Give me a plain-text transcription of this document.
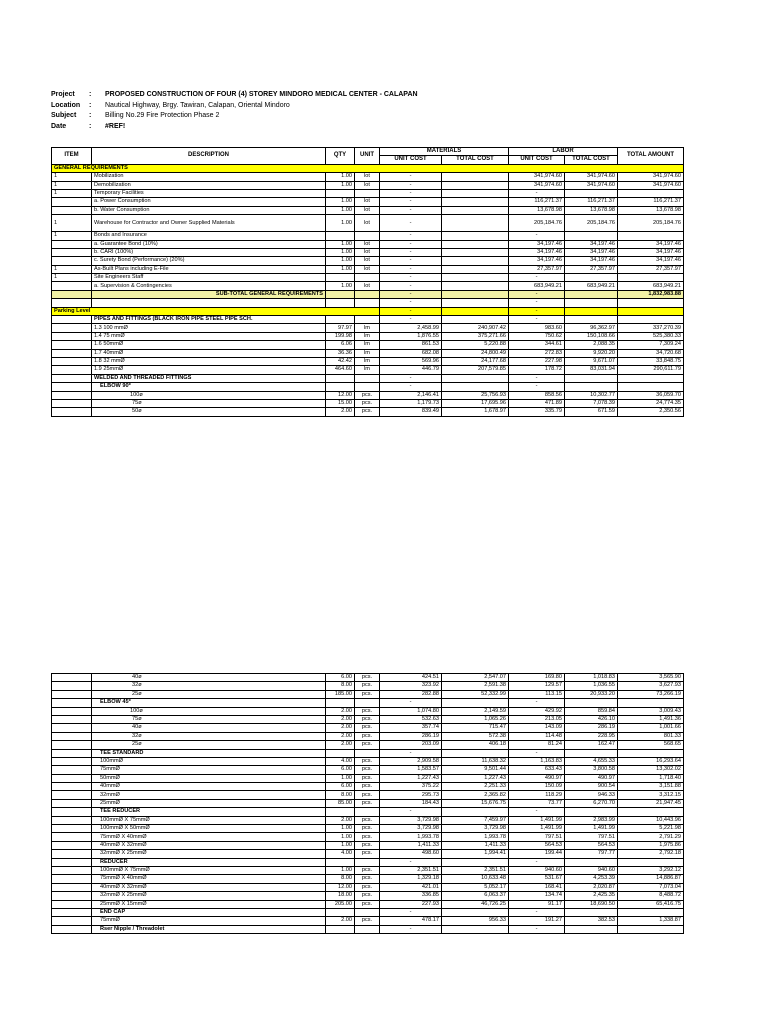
Project	:	PROPOSED CONSTRUCTION OF FOUR (4) STOREY MINDORO MEDICAL CENTER - CALAPAN
Location	:	Nautical Highway, Brgy. Tawiran, Calapan, Oriental Mindoro
Subject	:	Billing No.29 Fire Protection Phase 2
Date	:	#REF!
ITEM	DESCRIPTION	QTY	UNIT	MATERIALS		LABOR		TOTAL AMOUNT
				UNIT COST	TOTAL COST	UNIT COST	TOTAL COST	
GENERAL REQUIREMENTS								
1	Mobilization	1.00	lot	-		341,974.60	341,974.60	341,974.60
1	Demobilization	1.00	lot	-		341,974.60	341,974.60	341,974.60
1	Temporary Facilities			-		-		
	a. Power Consumption	1.00	lot	-		116,271.37	116,271.37	116,271.37
	b. Water Consumption	1.00	lot	-		13,678.98	13,678.98	13,678.98
1	Warehouse for Contractor and Owner Supplied Materials	1.00	lot	-		205,184.76	205,184.76	205,184.76
1	Bonds and Insurance			-		-		
	a. Guarantee Bond (10%)	1.00	lot	-		34,197.46	34,197.46	34,197.46
	b. CARI (100%)	1.00	lot	-		34,197.46	34,197.46	34,197.46
	c. Surety Bond (Performance) (20%)	1.00	lot	-		34,197.46	34,197.46	34,197.46
1	As-Built Plans including E-File	1.00	lot	-		27,357.97	27,357.97	27,357.97
1	Site Engineers Staff			-		-		
	a. Supervision & Contingencies	1.00	lot	-		683,949.21	683,949.21	683,949.21
	SUB-TOTAL GENERAL REQUIREMENTS			-		-		1,832,983.88
				-		-		
Parking Level				-		-		
	PIPES AND FITTINGS (BLACK IRON PIPE STEEL PIPE SCH.			-		-		
	1.3 100 mmØ	97.97	lm	2,458.99	240,907.42	983.60	96,362.97	337,270.39
	1.4 75 mmØ	199.98	lm	1,876.55	375,271.66	750.62	150,108.66	525,380.33
	1.6 50mmØ	6.06	lm	861.53	5,220.88	344.61	2,088.35	7,309.24
	1.7 40mmØ	36.36	lm	682.08	24,800.49	272.83	9,920.20	34,720.68
	1.8 32 mmØ	42.42	lm	569.96	24,177.68	227.98	9,671.07	33,848.75
	1.9 25mmØ	464.60	lm	446.79	207,579.85	178.72	83,031.94	290,611.79
	WELDED AND THREADED FITTINGS			-		-		
	ELBOW 90º			-		-		
	100ø	12.00	pcs.	2,146.41	25,756.93	858.56	10,302.77	36,059.70
	75ø	15.00	pcs.	1,179.73	17,695.96	471.89	7,078.39	24,774.35
	50ø	2.00	pcs.	839.49	1,678.97	335.79	671.59	2,350.56
	40ø	6.00	pcs.	424.51	2,547.07	169.80	1,018.83	3,565.90
	32ø	8.00	pcs.	323.92	2,591.38	129.57	1,036.55	3,627.93
	25ø	185.00	pcs.	282.88	52,332.99	113.15	20,933.20	73,266.19
	ELBOW 45º			-		-		
	100ø	2.00	pcs.	1,074.80	2,149.59	429.92	859.84	3,009.43
	75ø	2.00	pcs.	532.63	1,065.26	213.05	426.10	1,491.36
	40ø	2.00	pcs.	357.74	715.47	143.09	286.19	1,001.66
	32ø	2.00	pcs.	286.19	572.38	114.48	228.95	801.33
	25ø	2.00	pcs.	203.09	406.18	81.24	162.47	568.65
	TEE STANDARD			-		-		
	100mmØ	4.00	pcs.	2,909.58	11,638.32	1,163.83	4,655.33	16,293.64
	75mmØ	6.00	pcs.	1,583.57	9,501.44	633.43	3,800.58	13,302.02
	50mmØ	1.00	pcs.	1,227.43	1,227.43	490.97	490.97	1,718.40
	40mmØ	6.00	pcs.	375.22	2,251.33	150.09	900.54	3,151.88
	32mmØ	8.00	pcs.	295.73	2,365.82	118.29	946.33	3,312.15
	25mmØ	85.00	pcs.	184.43	15,676.75	73.77	6,270.70	21,947.45
	TEE REDUCER			-		-		
	100mmØ X 75mmØ	2.00	pcs.	3,729.98	7,459.97	1,491.99	2,983.99	10,443.96
	100mmØ X 50mmØ	1.00	pcs.	3,729.98	3,729.98	1,491.99	1,491.99	5,221.98
	75mmØ X 40mmØ	1.00	pcs.	1,993.78	1,993.78	797.51	797.51	2,791.29
	40mmØ X 32mmØ	1.00	pcs.	1,411.33	1,411.33	564.53	564.53	1,975.86
	32mmØ X 25mmØ	4.00	pcs.	498.60	1,994.41	199.44	797.77	2,792.18
	REDUCER			-		-		
	100mmØ X 75mmØ	1.00	pcs.	2,351.51	2,351.51	940.60	940.60	3,292.12
	75mmØ X 40mmØ	8.00	pcs.	1,329.18	10,633.48	531.67	4,253.39	14,886.87
	40mmØ X 32mmØ	12.00	pcs.	421.01	5,052.17	168.41	2,020.87	7,073.04
	32mmØ X 25mmØ	18.00	pcs.	336.85	6,063.37	134.74	2,425.35	8,488.72
	25mmØ X 15mmØ	205.00	pcs.	227.93	46,726.25	91.17	18,690.50	65,416.75
	END CAP			-		-		
	75mmØ	2.00	pcs.	478.17	956.33	191.27	382.53	1,338.87
	Rser Nipple / Threadolet			-		-		
